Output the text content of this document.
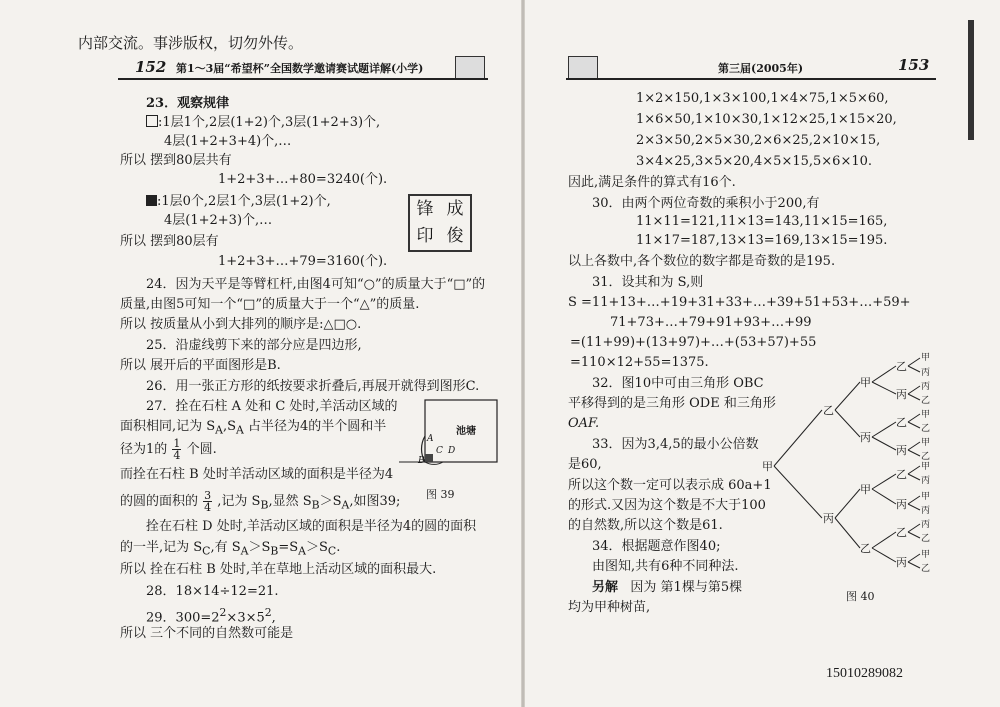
内部交流。事涉版权，切勿外传。
152 第1～3届“希望杯”全国数学邀请赛试题详解(小学)
23．观察规律
:1层1个,2层(1+2)个,3层(1+2+3)个,
4层(1+2+3+4)个,…
所以 摆到80层共有
1+2+3+…+80=3240(个).
:1层0个,2层1个,3层(1+2)个,
4层(1+2+3)个,…
所以 摆到80层有
1+2+3+…+79=3160(个).
锋 成
印 俊
24．因为天平是等臂杠杆,由图4可知“○”的质量大于“□”的
质量,由图5可知一个“□”的质量大于一个“△”的质量.
所以 按质量从小到大排列的顺序是:△□○.
25．沿虚线剪下来的部分应是四边形,
所以 展开后的平面图形是B.
26．用一张正方形的纸按要求折叠后,再展开就得到图形C.
27．拴在石柱 A 处和 C 处时,羊活动区域的
面积相同,记为 $S_A,S_A$ 占半径为4的半个圆和半
径为1的 $\frac{1}{4}$ 个圆.
而拴在石柱 B 处时羊活动区域的面积是半径为4
的圆的面积的 $\frac{3}{4}$ ,记为 $S_B$,显然 $S_B>S_A$,如图39;
拴在石柱 D 处时,羊活动区域的面积是半径为4的圆的面积
的一半,记为 $S_C$,有 $S_A>S_B=S_A>S_C$.
所以 拴在石柱 B 处时,羊在草地上活动区域的面积最大.
28．18×14÷12=21.
29．$300=2^2\times 3\times 5^2$,
所以 三个不同的自然数可能是
池塘
A
B
C D
图 39
第三届(2005年)	153
1×2×150,1×3×100,1×4×75,1×5×60,
1×6×50,1×10×30,1×12×25,1×15×20,
2×3×50,2×5×30,2×6×25,2×10×15,
3×4×25,3×5×20,4×5×15,5×6×10.
因此,满足条件的算式有16个.
30．由两个两位奇数的乘积小于200,有
11×11=121,11×13=143,11×15=165,
11×17=187,13×13=169,13×15=195.
以上各数中,各个数位的数字都是奇数的是195.
31．设其和为 S,则
S =11+13+…+19+31+33+…+39+51+53+…+59+
71+73+…+79+91+93+…+99
=(11+99)+(13+97)+…+(53+57)+55
=110×12+55=1375.
32．图10中可由三角形 OBC
平移得到的是三角形 ODE 和三角形
OAF.
33．因为3,4,5的最小公倍数
是60,
所以这个数一定可以表示成 60a+1
的形式.又因为这个数是不大于100
的自然数,所以这个数是61.
34．根据题意作图40;
由图知,共有6种不同种法.
另解 因为 第1棵与第5棵
均为甲种树苗,
甲
乙
丙
甲
丙
甲
乙
乙
丙
乙
丙
乙
丙
乙
丙
甲
丙
丙
乙
甲
乙
甲
乙
甲
丙
甲
丙
丙
乙
甲
乙
图 40
15010289082
